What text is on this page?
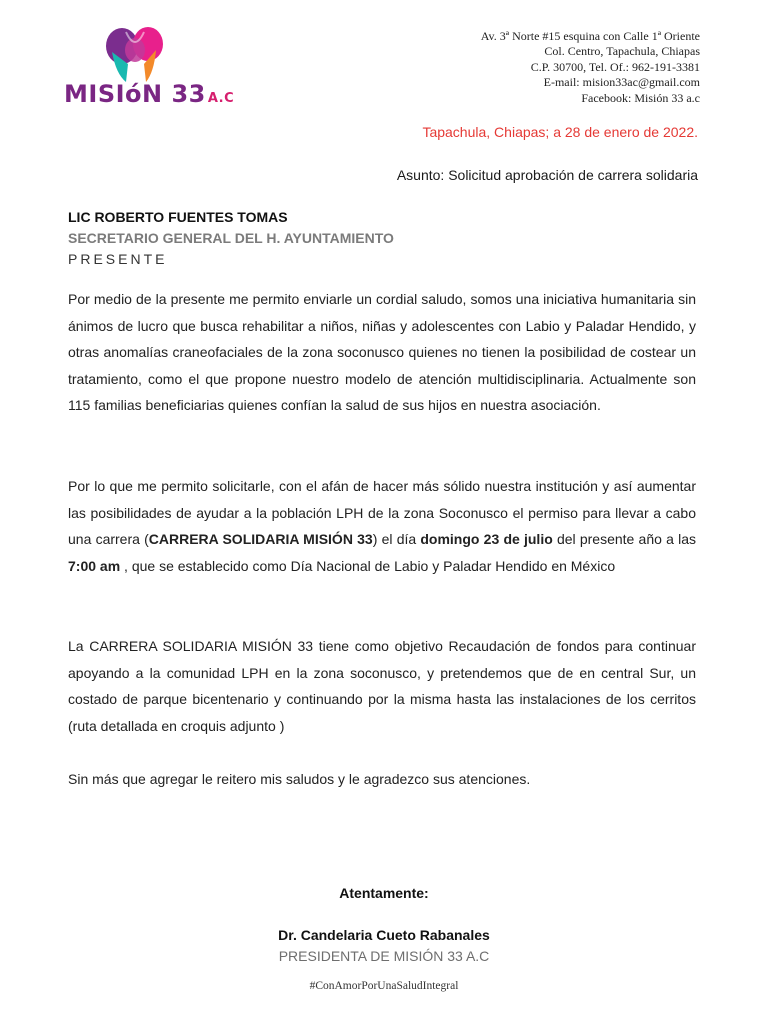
MISIóN 33 A.C
Av. 3ª Norte #15 esquina con Calle 1ª Oriente
Col. Centro, Tapachula, Chiapas
C.P. 30700, Tel. Of.: 962-191-3381
E-mail: mision33ac@gmail.com
Facebook: Misión 33 a.c
Tapachula, Chiapas; a 28 de enero de 2022.
Asunto: Solicitud aprobación de carrera solidaria
LIC ROBERTO FUENTES TOMAS
SECRETARIO GENERAL DEL H. AYUNTAMIENTO
PRESENTE
Por medio de la presente me permito enviarle un cordial saludo, somos una iniciativa humanitaria sin ánimos de lucro que busca rehabilitar a niños, niñas y adolescentes con Labio y Paladar Hendido, y otras anomalías craneofaciales de la zona soconusco quienes no tienen la posibilidad de costear un tratamiento, como el que propone nuestro modelo de atención multidisciplinaria. Actualmente son 115 familias beneficiarias quienes confían la salud de sus hijos en nuestra asociación.
Por lo que me permito solicitarle, con el afán de hacer más sólido nuestra institución y así aumentar las posibilidades de ayudar a la población LPH de la zona Soconusco el permiso para llevar a cabo una carrera (CARRERA SOLIDARIA MISIÓN 33) el día domingo 23 de julio del presente año a las 7:00 am , que se establecido como Día Nacional de Labio y Paladar Hendido en México
La CARRERA SOLIDARIA MISIÓN 33 tiene como objetivo Recaudación de fondos para continuar apoyando a la comunidad LPH en la zona soconusco, y pretendemos que de en central Sur, un costado de parque bicentenario y continuando por la misma hasta las instalaciones de los cerritos (ruta detallada en croquis adjunto )
Sin más que agregar le reitero mis saludos y le agradezco sus atenciones.
Atentamente:
Dr. Candelaria Cueto Rabanales
PRESIDENTA DE MISIÓN 33 A.C
#ConAmorPorUnaSaludIntegral
